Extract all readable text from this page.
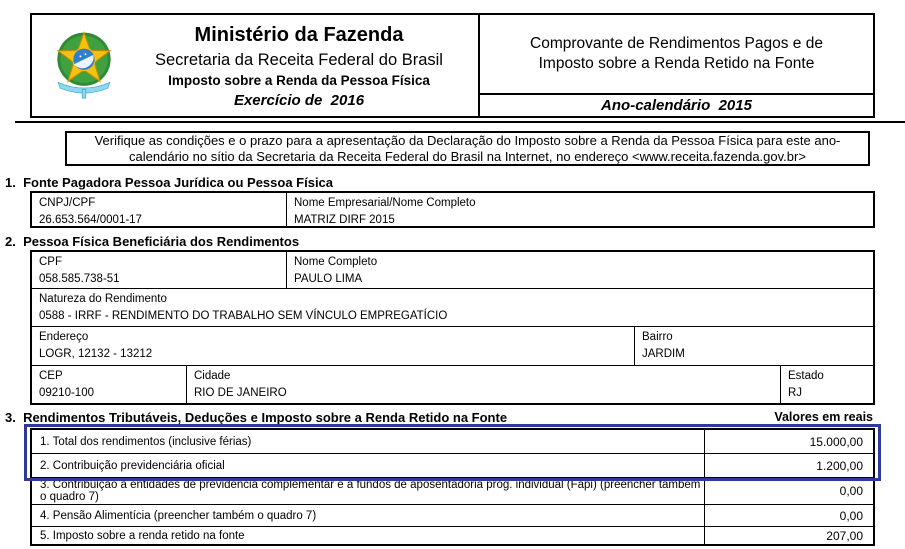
Ministério da Fazenda
Secretaria da Receita Federal do Brasil
Imposto sobre a Renda da Pessoa Física
Exercício de  2016
Comprovante de Rendimentos Pagos e de Imposto sobre a Renda Retido na Fonte
Ano-calendário  2015
Verifique as condições e o prazo para a apresentação da Declaração do Imposto sobre a Renda da Pessoa Física para este ano-calendário no sítio da Secretaria da Receita Federal do Brasil na Internet, no endereço <www.receita.fazenda.gov.br>
1.  Fonte Pagadora Pessoa Jurídica ou Pessoa Física
CNPJ/CPF
26.653.564/0001-17
Nome Empresarial/Nome Completo
MATRIZ DIRF 2015
2.  Pessoa Física Beneficiária dos Rendimentos
CPF
058.585.738-51
Nome Completo
PAULO LIMA
Natureza do Rendimento
0588 - IRRF - RENDIMENTO DO TRABALHO SEM VÍNCULO EMPREGATÍCIO
Endereço
LOGR, 12132 - 13212
Bairro
JARDIM
CEP
09210-100
Cidade
RIO DE JANEIRO
Estado
RJ
3.  Rendimentos Tributáveis, Deduções e Imposto sobre a Renda Retido na Fonte	Valores em reais
1. Total dos rendimentos (inclusive férias)	15.000,00
2. Contribuição previdenciária oficial	1.200,00
3. Contribuição a entidades de previdência complementar e a fundos de aposentadoria prog. individual (Fapi) (preencher também o quadro 7)	0,00
4. Pensão Alimentícia (preencher também o quadro 7)	0,00
5. Imposto sobre a renda retido na fonte	207,00
